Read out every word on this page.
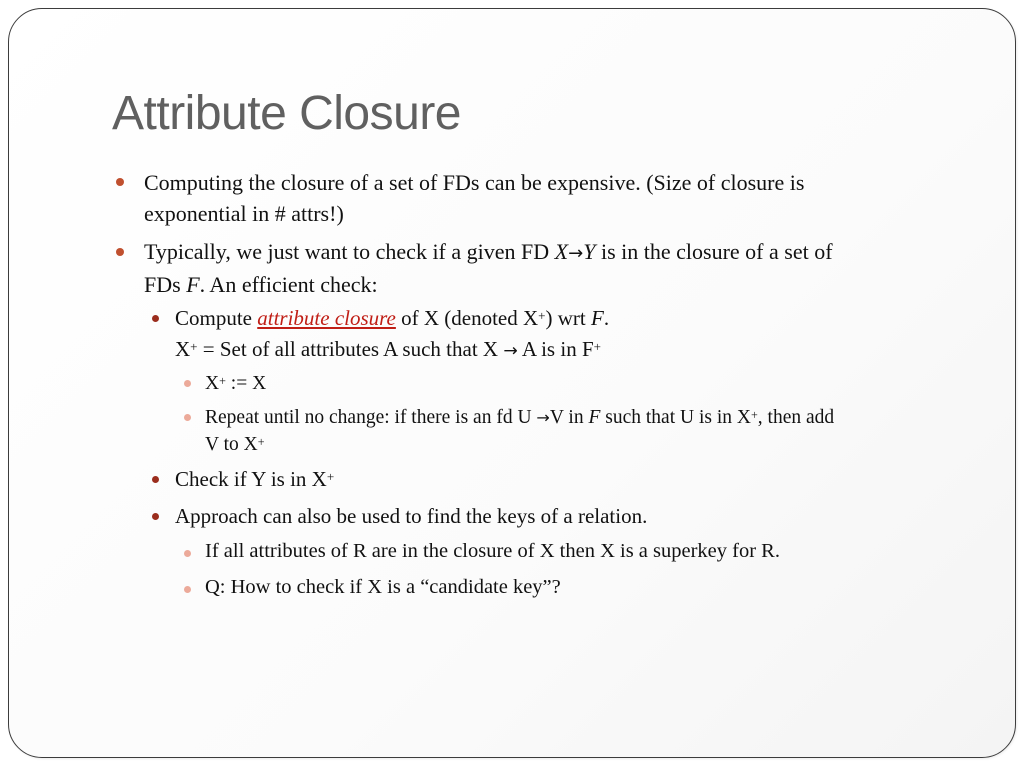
Attribute Closure
Computing the closure of a set of FDs can be expensive. (Size of closure is
exponential in # attrs!)
Typically, we just want to check if a given FD X→Y is in the closure of a set of
FDs F. An efficient check:
Compute attribute closure of X (denoted X+) wrt F.
X+ = Set of all attributes A such that X → A is in F+
X+ := X
Repeat until no change: if there is an fd U →V in F such that U is in X+, then add
V to X+
Check if Y is in X+
Approach can also be used to find the keys of a relation.
If all attributes of R are in the closure of X then X is a superkey for R.
Q: How to check if X is a “candidate key”?
